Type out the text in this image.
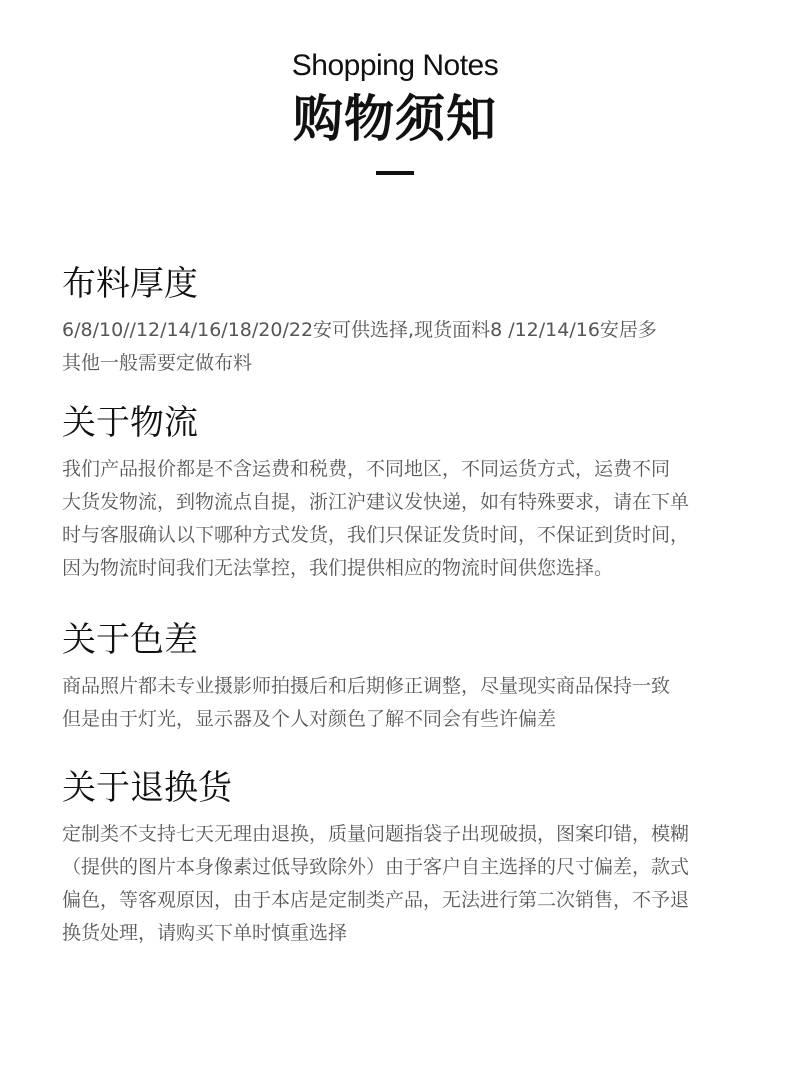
Shopping Notes
购物须知
布料厚度

6/8/10//12/14/16/18/20/22安可供选择,现货面料8 /12/14/16安居多

其他一般需要定做布料

关于物流

我们产品报价都是不含运费和税费，不同地区，不同运货方式，运费不同

大货发物流，到物流点自提，浙江沪建议发快递，如有特殊要求，请在下单

时与客服确认以下哪种方式发货，我们只保证发货时间，不保证到货时间，

因为物流时间我们无法掌控，我们提供相应的物流时间供您选择。

关于色差

商品照片都未专业摄影师拍摄后和后期修正调整，尽量现实商品保持一致

但是由于灯光，显示器及个人对颜色了解不同会有些许偏差

关于退换货

定制类不支持七天无理由退换，质量问题指袋子出现破损，图案印错，模糊

（提供的图片本身像素过低导致除外）由于客户自主选择的尺寸偏差，款式

偏色，等客观原因，由于本店是定制类产品，无法进行第二次销售，不予退

换货处理，请购买下单时慎重选择
